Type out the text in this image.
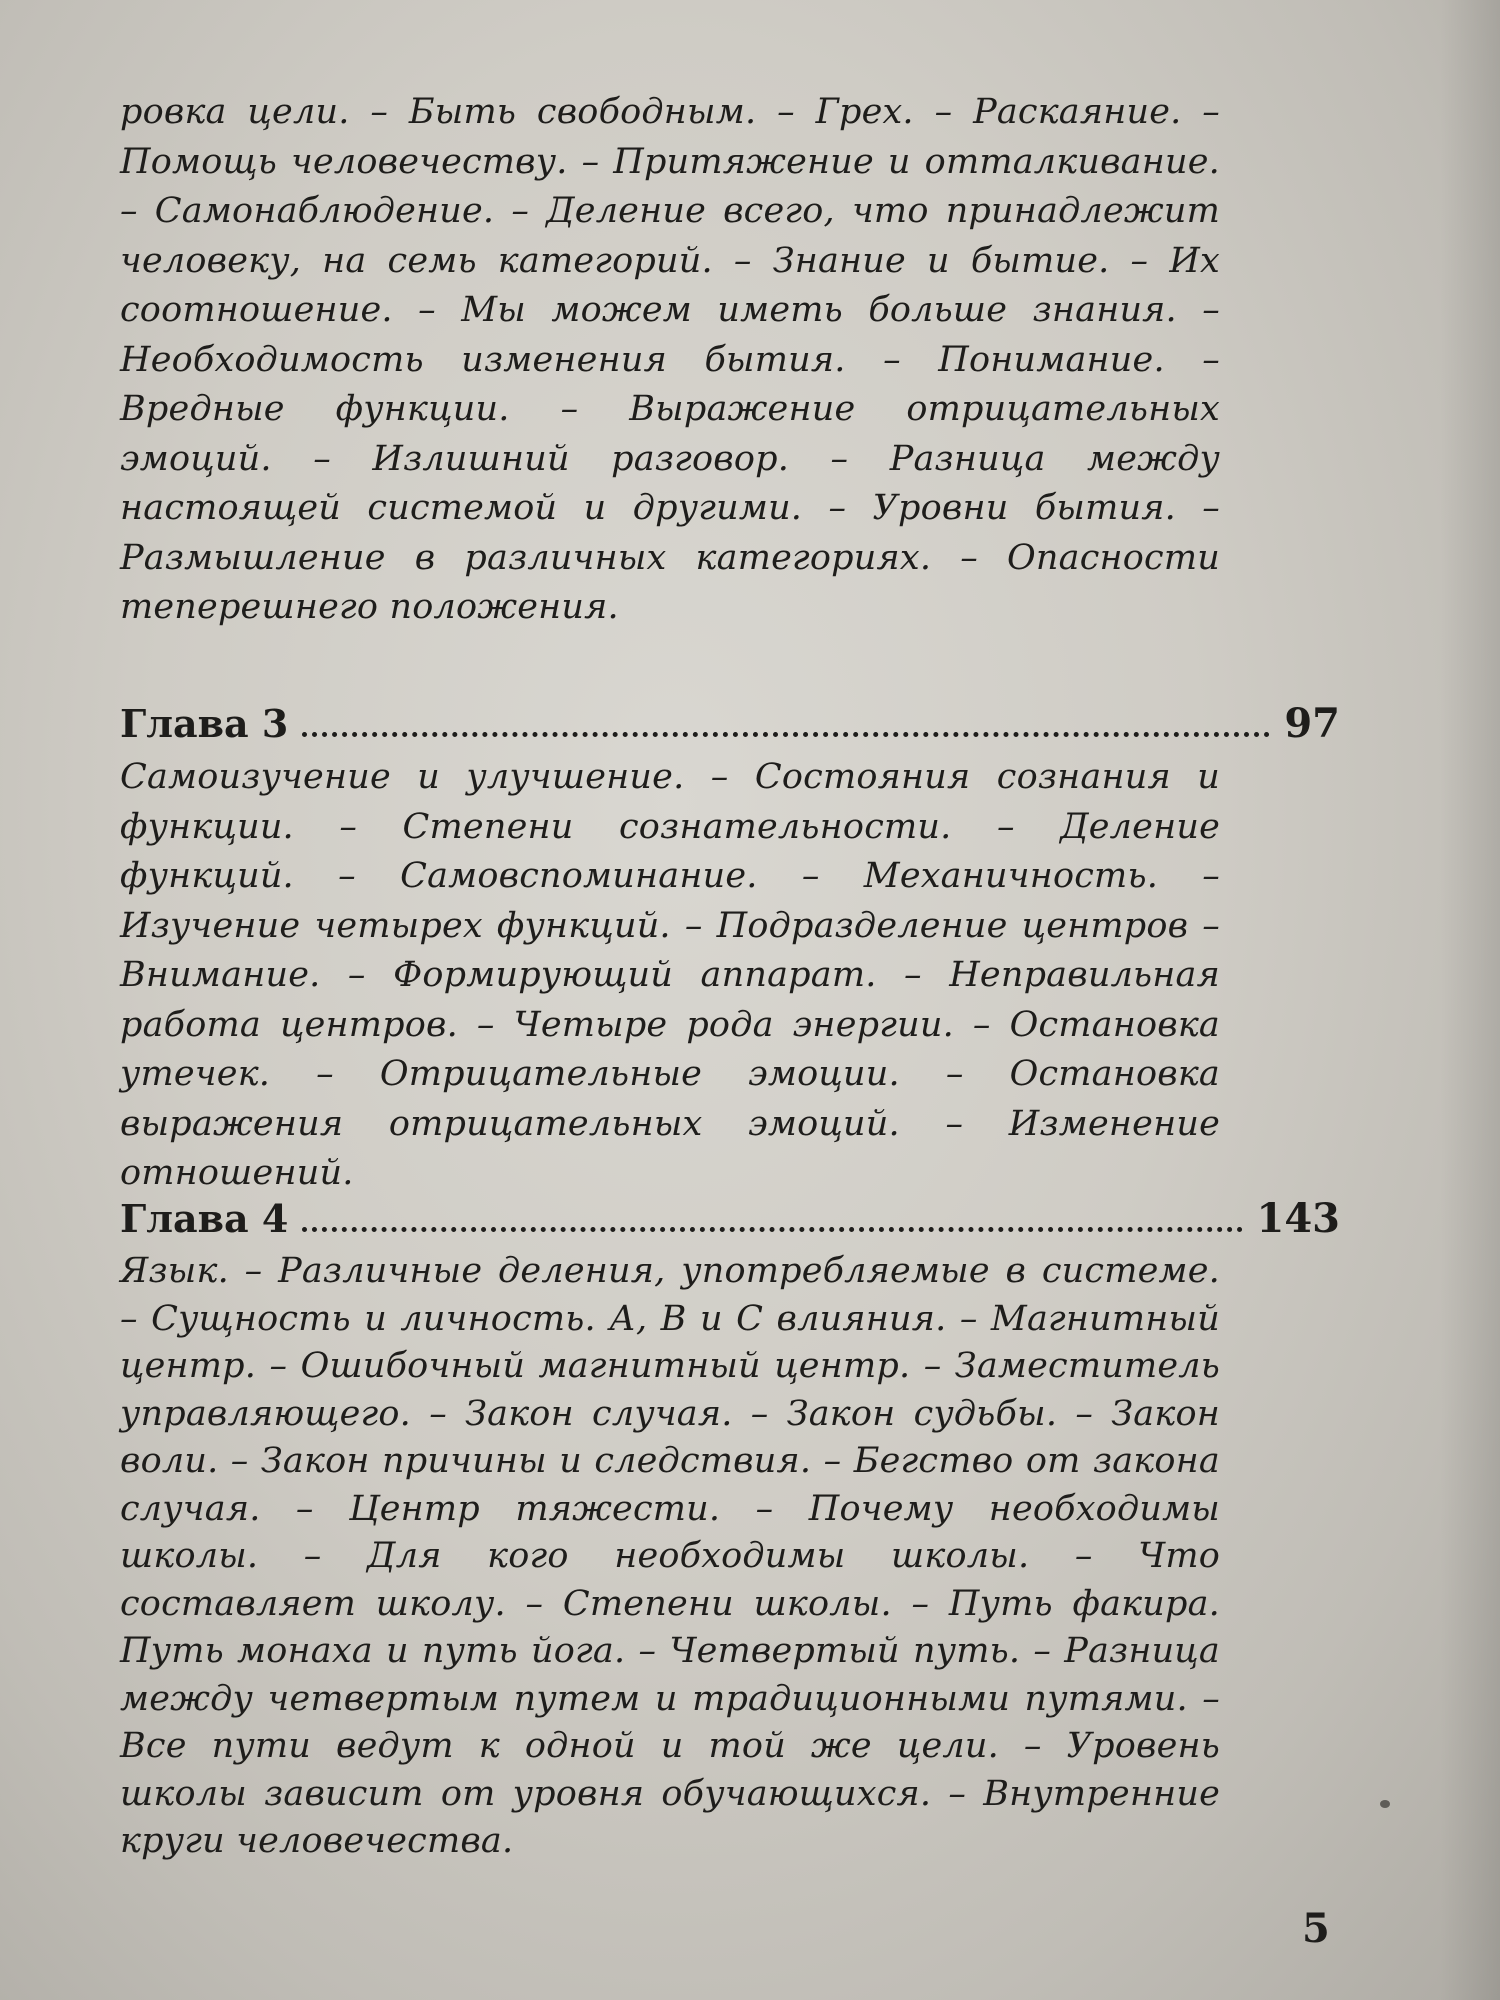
ровка цели. – Быть свободным. – Грех. – Раскаяние. – Помощь человечеству. – Притяжение и отталкивание. – Самонаблюдение. – Деление всего, что принадлежит человеку, на семь категорий. – Знание и бытие. – Их соотношение. – Мы можем иметь больше знания. – Необходимость изменения бытия. – Понимание. – Вредные функции. – Выражение отрицательных эмоций. – Излишний разговор. – Разница между настоящей системой и другими. – Уровни бытия. – Размышление в различных категориях. – Опасности теперешнего положения.

Глава 3	97

Самоизучение и улучшение. – Состояния сознания и функции. – Степени сознательности. – Деление функций. – Самовспоминание. – Механичность. – Изучение четырех функций. – Подразделение центров – Внимание. – Формирующий аппарат. – Неправильная работа центров. – Четыре рода энергии. – Остановка утечек. – Отрицательные эмоции. – Остановка выражения отрицательных эмоций. – Изменение отношений.

Глава 4	143

Язык. – Различные деления, употребляемые в системе. – Сущность и личность. А, В и С влияния. – Магнитный центр. – Ошибочный магнитный центр. – Заместитель управляющего. – Закон случая. – Закон судьбы. – Закон воли. – Закон причины и следствия. – Бегство от закона случая. – Центр тяжести. – Почему необходимы школы. – Для кого необходимы школы. – Что составляет школу. – Степени школы. – Путь факира. Путь монаха и путь йога. – Четвертый путь. – Разница между четвертым путем и традиционными путями. – Все пути ведут к одной и той же цели. – Уровень школы зависит от уровня обучающихся. – Внутренние круги человечества.

5
